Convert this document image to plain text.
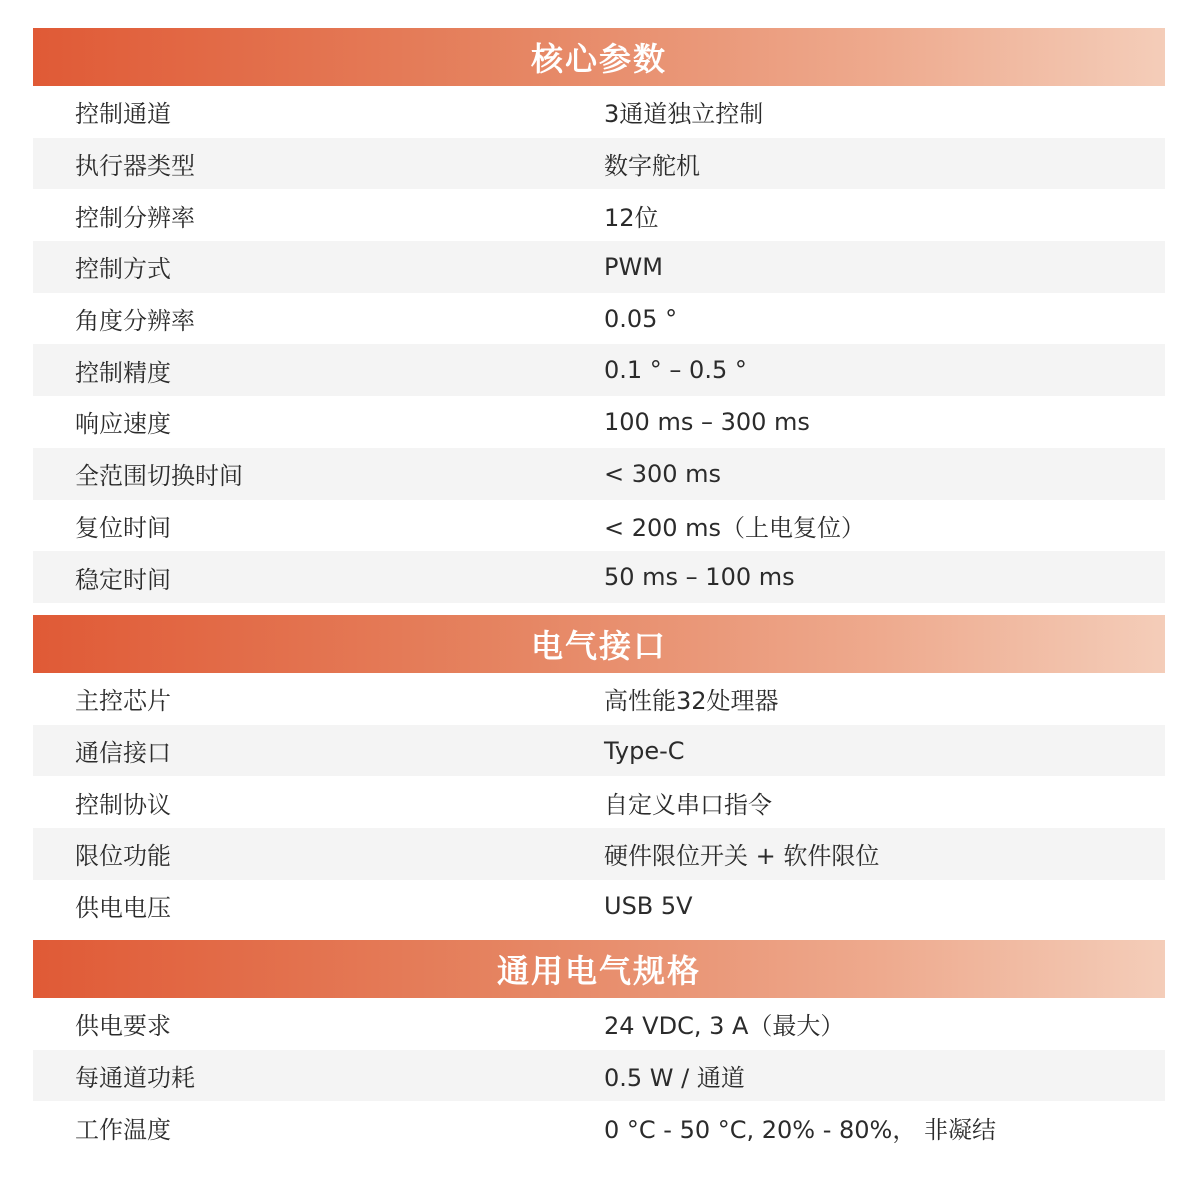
核心参数
控制通道	3通道独立控制
执行器类型	数字舵机
控制分辨率	12位
控制方式	PWM
角度分辨率	0.05 °
控制精度	0.1 ° – 0.5 °
响应速度	100 ms – 300 ms
全范围切换时间	< 300 ms
复位时间	< 200 ms（上电复位）
稳定时间	50 ms – 100 ms
电气接口
主控芯片	高性能32处理器
通信接口	Type-C
控制协议	自定义串口指令
限位功能	硬件限位开关 + 软件限位
供电电压	USB 5V
通用电气规格
供电要求	24 VDC, 3 A（最大）
每通道功耗	0.5 W / 通道
工作温度	0 °C - 50 °C, 20% - 80%， 非凝结
